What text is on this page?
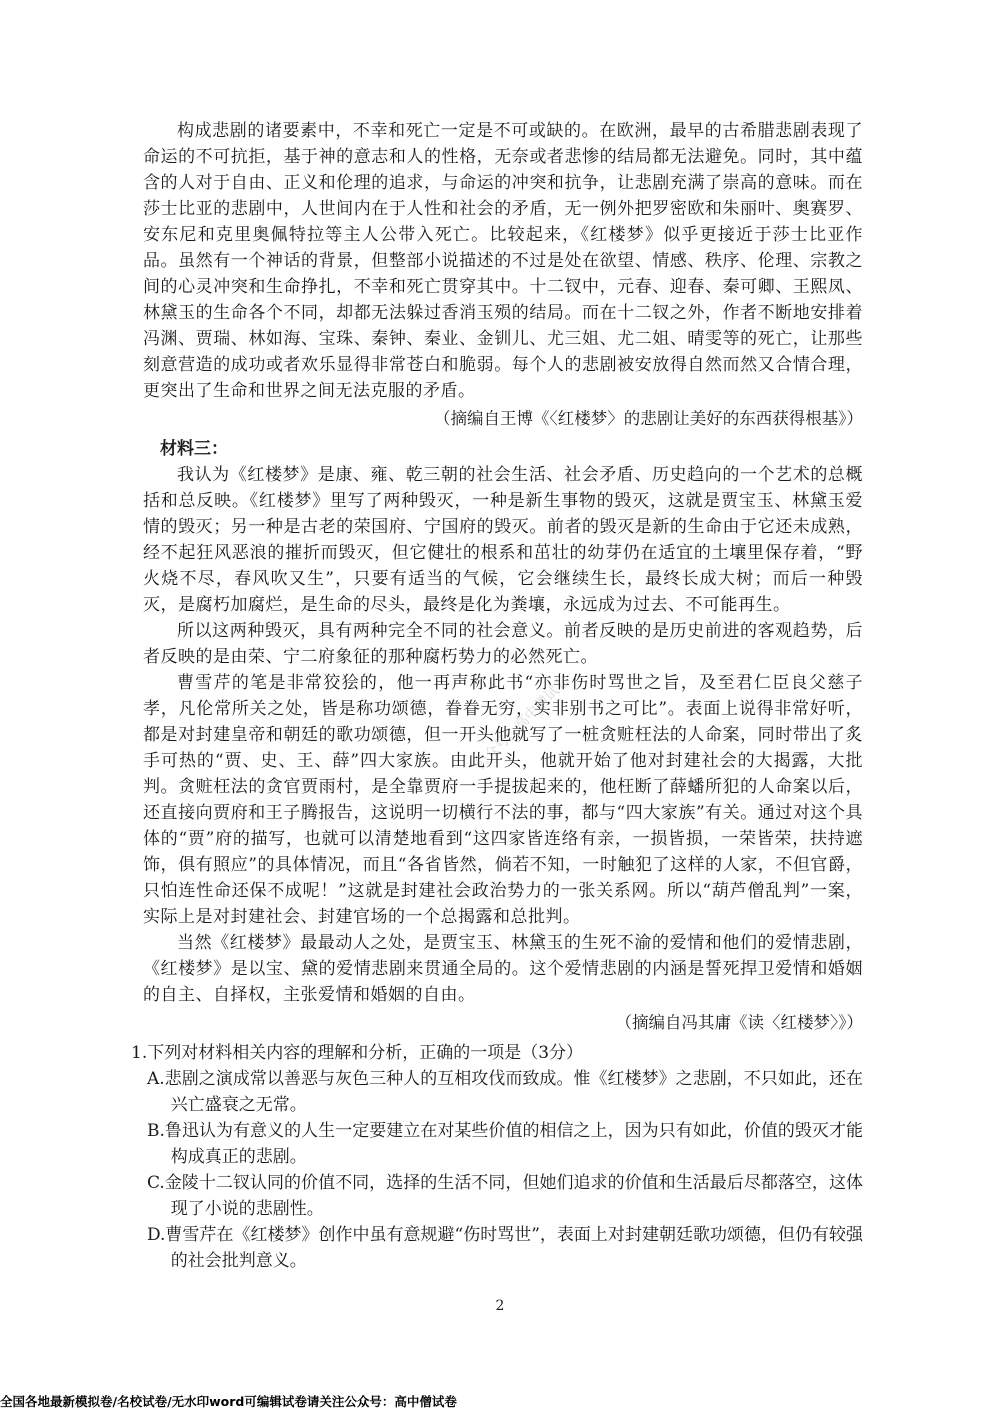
构成悲剧的诸要素中，不幸和死亡一定是不可或缺的。在欧洲，最早的古希腊悲剧表现了命运的不可抗拒，基于神的意志和人的性格，无奈或者悲惨的结局都无法避免。同时，其中蕴含的人对于自由、正义和伦理的追求，与命运的冲突和抗争，让悲剧充满了崇高的意味。而在莎士比亚的悲剧中，人世间内在于人性和社会的矛盾，无一例外把罗密欧和朱丽叶、奥赛罗、安东尼和克里奥佩特拉等主人公带入死亡。比较起来，《红楼梦》似乎更接近于莎士比亚作品。虽然有一个神话的背景，但整部小说描述的不过是处在欲望、情感、秩序、伦理、宗教之间的心灵冲突和生命挣扎，不幸和死亡贯穿其中。十二钗中，元春、迎春、秦可卿、王熙凤、林黛玉的生命各个不同，却都无法躲过香消玉殒的结局。而在十二钗之外，作者不断地安排着冯渊、贾瑞、林如海、宝珠、秦钟、秦业、金钏儿、尤三姐、尤二姐、晴雯等的死亡，让那些刻意营造的成功或者欢乐显得非常苍白和脆弱。每个人的悲剧被安放得自然而然又合情合理，更突出了生命和世界之间无法克服的矛盾。

（摘编自王博《〈红楼梦〉的悲剧让美好的东西获得根基》）

材料三：

我认为《红楼梦》是康、雍、乾三朝的社会生活、社会矛盾、历史趋向的一个艺术的总概括和总反映。《红楼梦》里写了两种毁灭，一种是新生事物的毁灭，这就是贾宝玉、林黛玉爱情的毁灭；另一种是古老的荣国府、宁国府的毁灭。前者的毁灭是新的生命由于它还未成熟，经不起狂风恶浪的摧折而毁灭，但它健壮的根系和茁壮的幼芽仍在适宜的土壤里保存着，“野火烧不尽，春风吹又生”，只要有适当的气候，它会继续生长，最终长成大树；而后一种毁灭，是腐朽加腐烂，是生命的尽头，最终是化为粪壤，永远成为过去、不可能再生。

所以这两种毁灭，具有两种完全不同的社会意义。前者反映的是历史前进的客观趋势，后者反映的是由荣、宁二府象征的那种腐朽势力的必然死亡。

曹雪芹的笔是非常狡狯的，他一再声称此书“亦非伤时骂世之旨，及至君仁臣良父慈子孝，凡伦常所关之处，皆是称功颂德，眷眷无穷，实非别书之可比”。表面上说得非常好听，都是对封建皇帝和朝廷的歌功颂德，但一开头他就写了一桩贪赃枉法的人命案，同时带出了炙手可热的“贾、史、王、薛”四大家族。由此开头，他就开始了他对封建社会的大揭露，大批判。贪赃枉法的贪官贾雨村，是全靠贾府一手提拔起来的，他枉断了薛蟠所犯的人命案以后，还直接向贾府和王子腾报告，这说明一切横行不法的事，都与“四大家族”有关。通过对这个具体的“贾”府的描写，也就可以清楚地看到“这四家皆连络有亲，一损皆损，一荣皆荣，扶持遮饰，俱有照应”的具体情况，而且“各省皆然，倘若不知，一时触犯了这样的人家，不但官爵，只怕连性命还保不成呢！”这就是封建社会政治势力的一张关系网。所以“葫芦僧乱判”一案，实际上是对封建社会、封建官场的一个总揭露和总批判。

当然《红楼梦》最最动人之处，是贾宝玉、林黛玉的生死不渝的爱情和他们的爱情悲剧，《红楼梦》是以宝、黛的爱情悲剧来贯通全局的。这个爱情悲剧的内涵是誓死捍卫爱情和婚姻的自主、自择权，主张爱情和婚姻的自由。

（摘编自冯其庸《读〈红楼梦〉》）

1.下列对材料相关内容的理解和分析，正确的一项是（3分）

A.悲剧之演成常以善恶与灰色三种人的互相攻伐而致成。惟《红楼梦》之悲剧，不只如此，还在兴亡盛衰之无常。

B.鲁迅认为有意义的人生一定要建立在对某些价值的相信之上，因为只有如此，价值的毁灭才能构成真正的悲剧。

C.金陵十二钗认同的价值不同，选择的生活不同，但她们追求的价值和生活最后尽都落空，这体现了小说的悲剧性。

D.曹雪芹在《红楼梦》创作中虽有意规避“伤时骂世”，表面上对封建朝廷歌功颂德，但仍有较强的社会批判意义。

公众号：高中僧试卷
2
全国各地最新模拟卷/名校试卷/无水印word可编辑试卷请关注公众号：高中僧试卷
